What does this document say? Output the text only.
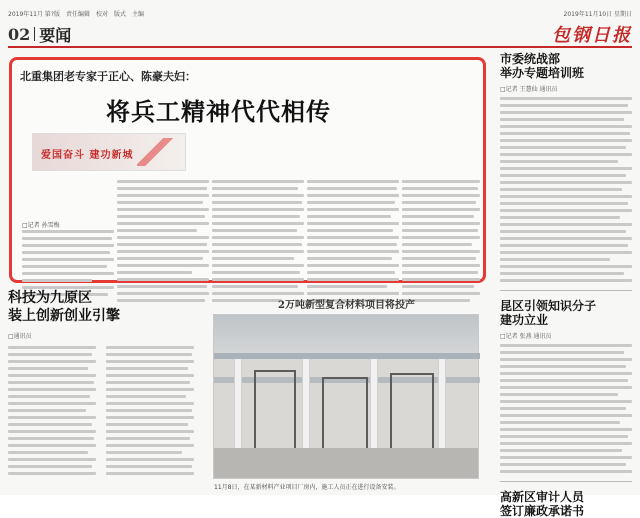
2019年11月 第?版 责任编辑 校对 版式 主编	2019年11月10日 星期日
02 要闻	包钢日报
北重集团老专家于正心、陈豪夫妇：
将兵工精神代代相传
爱国奋斗 建功新城
□记者 孙雪梅
市委统战部
举办专题培训班
□记者 王慧仙 通讯员
昆区引领知识分子
建功立业
□记者 张燕 通讯员
高新区审计人员
签订廉政承诺书
科技为九原区
装上创新创业引擎
□通讯员
2万吨新型复合材料项目将投产
11月8日，在某新材料产业项目厂房内，施工人员正在进行设备安装。
